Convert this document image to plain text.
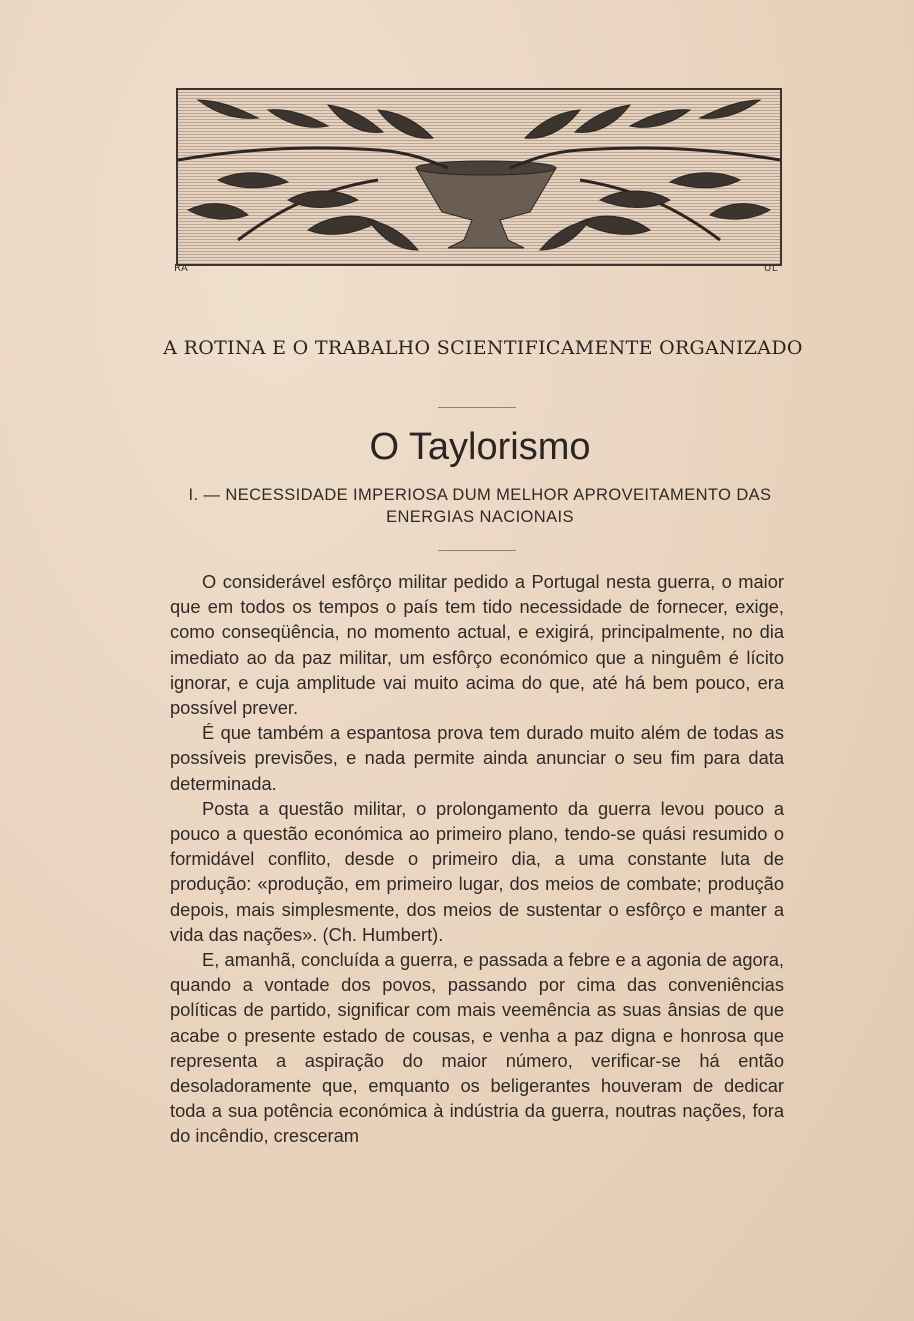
RA	UL
A ROTINA E O TRABALHO SCIENTIFICAMENTE ORGANIZADO
O Taylorismo
I. — NECESSIDADE IMPERIOSA DUM MELHOR APROVEITAMENTO DAS ENERGIAS NACIONAIS

O considerável esfôrço militar pedido a Portugal nesta guerra, o maior que em todos os tempos o país tem tido necessidade de fornecer, exige, como conseqüência, no momento actual, e exigirá, principalmente, no dia imediato ao da paz militar, um esfôrço económico que a ninguêm é lícito ignorar, e cuja amplitude vai muito acima do que, até há bem pouco, era possível prever.

É que também a espantosa prova tem durado muito além de todas as possíveis previsões, e nada permite ainda anunciar o seu fim para data determinada.

Posta a questão militar, o prolongamento da guerra levou pouco a pouco a questão económica ao primeiro plano, tendo-se quási resumido o formidável conflito, desde o primeiro dia, a uma constante luta de produção: «produção, em primeiro lugar, dos meios de combate; produção depois, mais simplesmente, dos meios de sustentar o esfôrço e manter a vida das nações». (Ch. Humbert).

E, amanhã, concluída a guerra, e passada a febre e a agonia de agora, quando a vontade dos povos, passando por cima das conveniências políticas de partido, significar com mais veemência as suas ânsias de que acabe o presente estado de cousas, e venha a paz digna e honrosa que representa a aspiração do maior número, verificar-se há então desoladoramente que, emquanto os beligerantes houveram de dedicar toda a sua potência económica à indústria da guerra, noutras nações, fora do incêndio, cresceram
